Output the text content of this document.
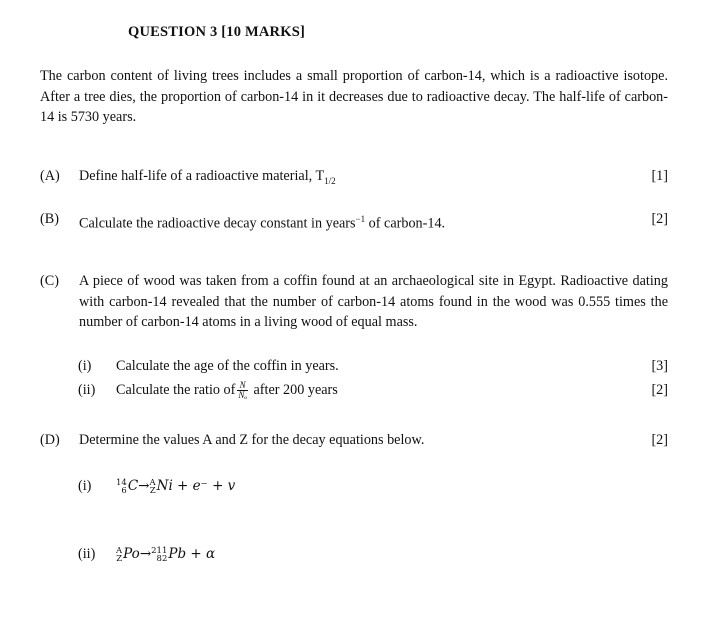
QUESTION 3 [10 MARKS]
The carbon content of living trees includes a small proportion of carbon-14, which is a radioactive isotope. After a tree dies, the proportion of carbon-14 in it decreases due to radioactive decay. The half-life of carbon-14 is 5730 years.
(A) Define half-life of a radioactive material, $T_{1/2}$	[1]
(B) Calculate the radioactive decay constant in years$^{-1}$ of carbon-14.	[2]
(C) A piece of wood was taken from a coffin found at an archaeological site in Egypt. Radioactive dating with carbon-14 revealed that the number of carbon-14 atoms found in the wood was 0.555 times the number of carbon-14 atoms in a living wood of equal mass.
(i) Calculate the age of the coffin in years.	[3]
(ii) Calculate the ratio of $\frac{N}{\text{Nₒ}}$ after 200 years	[2]
(D) Determine the values A and Z for the decay equations below.	[2]
(i)	14
6 C→ A
Z Ni + e⁻ + v
(ii) A
Z Po→ 211
82 Pb + α
